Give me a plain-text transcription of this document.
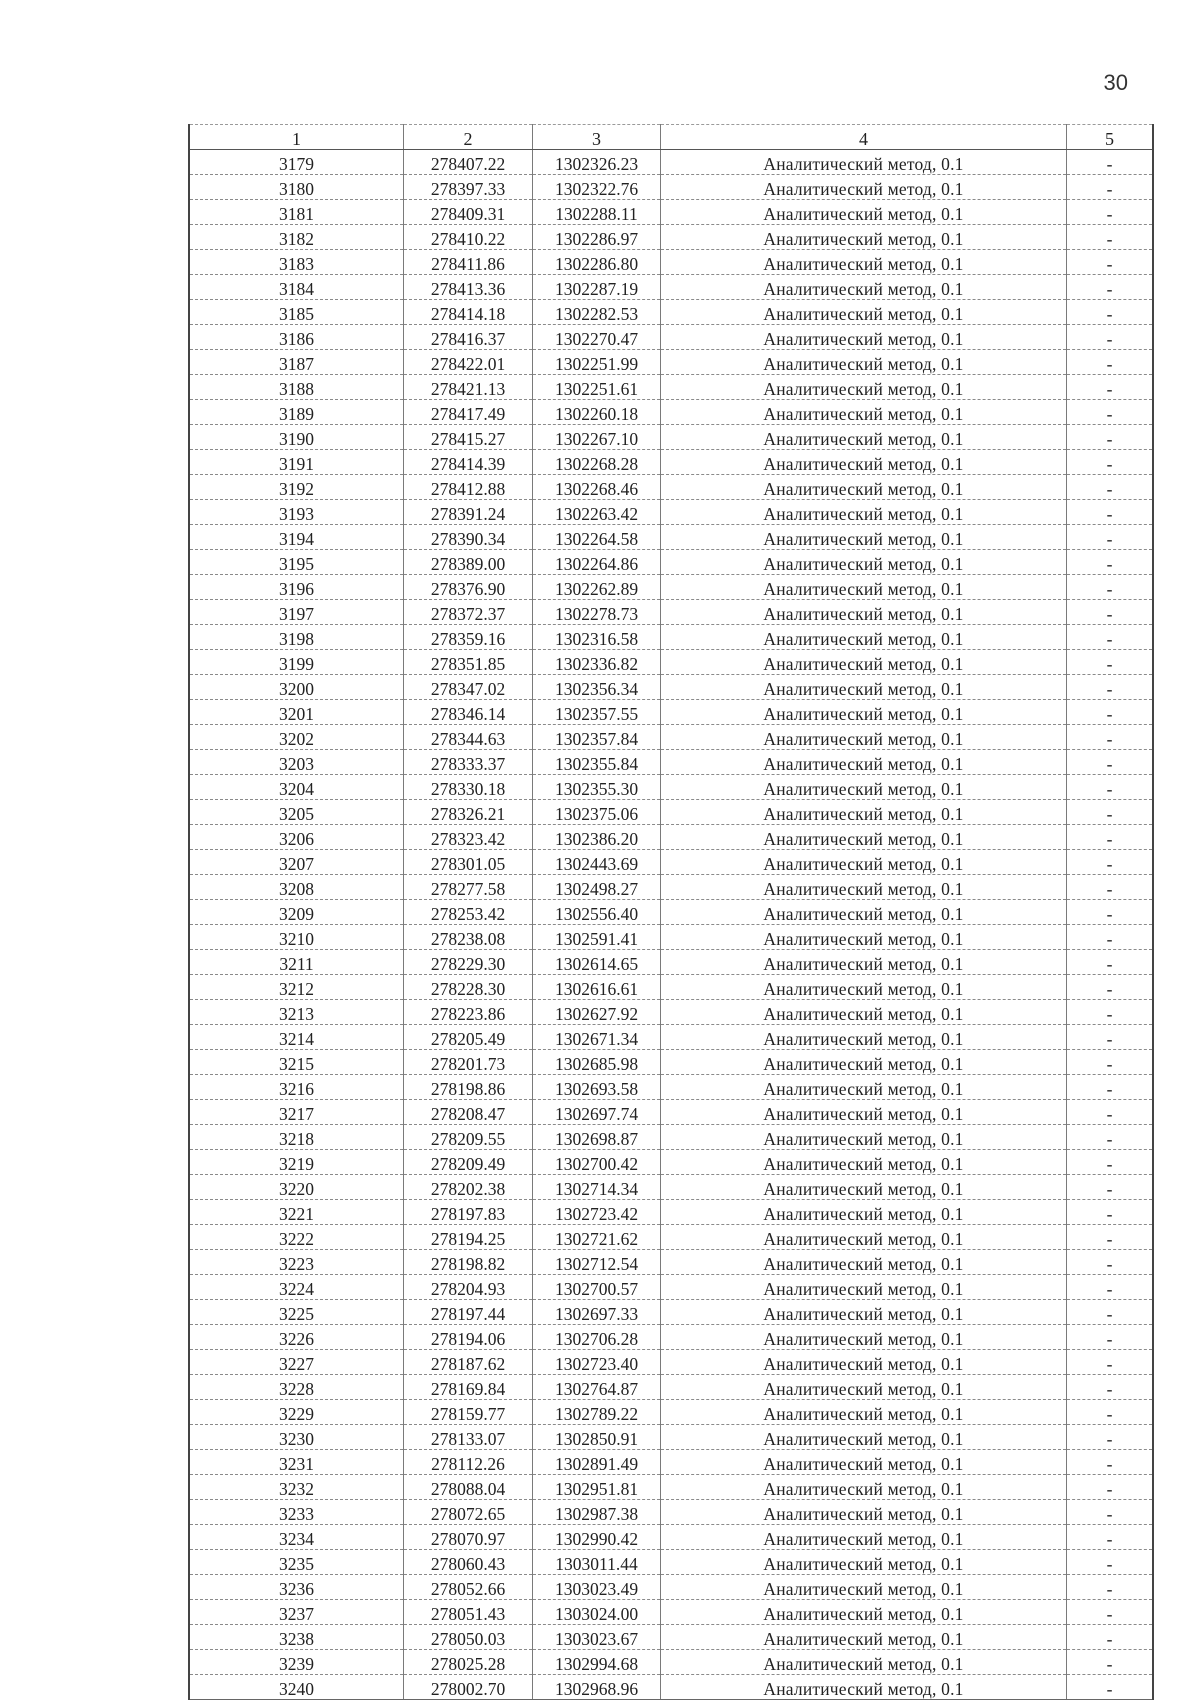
30
1	2	3	4	5
3179	278407.22	1302326.23	Аналитический метод, 0.1	-
3180	278397.33	1302322.76	Аналитический метод, 0.1	-
3181	278409.31	1302288.11	Аналитический метод, 0.1	-
3182	278410.22	1302286.97	Аналитический метод, 0.1	-
3183	278411.86	1302286.80	Аналитический метод, 0.1	-
3184	278413.36	1302287.19	Аналитический метод, 0.1	-
3185	278414.18	1302282.53	Аналитический метод, 0.1	-
3186	278416.37	1302270.47	Аналитический метод, 0.1	-
3187	278422.01	1302251.99	Аналитический метод, 0.1	-
3188	278421.13	1302251.61	Аналитический метод, 0.1	-
3189	278417.49	1302260.18	Аналитический метод, 0.1	-
3190	278415.27	1302267.10	Аналитический метод, 0.1	-
3191	278414.39	1302268.28	Аналитический метод, 0.1	-
3192	278412.88	1302268.46	Аналитический метод, 0.1	-
3193	278391.24	1302263.42	Аналитический метод, 0.1	-
3194	278390.34	1302264.58	Аналитический метод, 0.1	-
3195	278389.00	1302264.86	Аналитический метод, 0.1	-
3196	278376.90	1302262.89	Аналитический метод, 0.1	-
3197	278372.37	1302278.73	Аналитический метод, 0.1	-
3198	278359.16	1302316.58	Аналитический метод, 0.1	-
3199	278351.85	1302336.82	Аналитический метод, 0.1	-
3200	278347.02	1302356.34	Аналитический метод, 0.1	-
3201	278346.14	1302357.55	Аналитический метод, 0.1	-
3202	278344.63	1302357.84	Аналитический метод, 0.1	-
3203	278333.37	1302355.84	Аналитический метод, 0.1	-
3204	278330.18	1302355.30	Аналитический метод, 0.1	-
3205	278326.21	1302375.06	Аналитический метод, 0.1	-
3206	278323.42	1302386.20	Аналитический метод, 0.1	-
3207	278301.05	1302443.69	Аналитический метод, 0.1	-
3208	278277.58	1302498.27	Аналитический метод, 0.1	-
3209	278253.42	1302556.40	Аналитический метод, 0.1	-
3210	278238.08	1302591.41	Аналитический метод, 0.1	-
3211	278229.30	1302614.65	Аналитический метод, 0.1	-
3212	278228.30	1302616.61	Аналитический метод, 0.1	-
3213	278223.86	1302627.92	Аналитический метод, 0.1	-
3214	278205.49	1302671.34	Аналитический метод, 0.1	-
3215	278201.73	1302685.98	Аналитический метод, 0.1	-
3216	278198.86	1302693.58	Аналитический метод, 0.1	-
3217	278208.47	1302697.74	Аналитический метод, 0.1	-
3218	278209.55	1302698.87	Аналитический метод, 0.1	-
3219	278209.49	1302700.42	Аналитический метод, 0.1	-
3220	278202.38	1302714.34	Аналитический метод, 0.1	-
3221	278197.83	1302723.42	Аналитический метод, 0.1	-
3222	278194.25	1302721.62	Аналитический метод, 0.1	-
3223	278198.82	1302712.54	Аналитический метод, 0.1	-
3224	278204.93	1302700.57	Аналитический метод, 0.1	-
3225	278197.44	1302697.33	Аналитический метод, 0.1	-
3226	278194.06	1302706.28	Аналитический метод, 0.1	-
3227	278187.62	1302723.40	Аналитический метод, 0.1	-
3228	278169.84	1302764.87	Аналитический метод, 0.1	-
3229	278159.77	1302789.22	Аналитический метод, 0.1	-
3230	278133.07	1302850.91	Аналитический метод, 0.1	-
3231	278112.26	1302891.49	Аналитический метод, 0.1	-
3232	278088.04	1302951.81	Аналитический метод, 0.1	-
3233	278072.65	1302987.38	Аналитический метод, 0.1	-
3234	278070.97	1302990.42	Аналитический метод, 0.1	-
3235	278060.43	1303011.44	Аналитический метод, 0.1	-
3236	278052.66	1303023.49	Аналитический метод, 0.1	-
3237	278051.43	1303024.00	Аналитический метод, 0.1	-
3238	278050.03	1303023.67	Аналитический метод, 0.1	-
3239	278025.28	1302994.68	Аналитический метод, 0.1	-
3240	278002.70	1302968.96	Аналитический метод, 0.1	-
